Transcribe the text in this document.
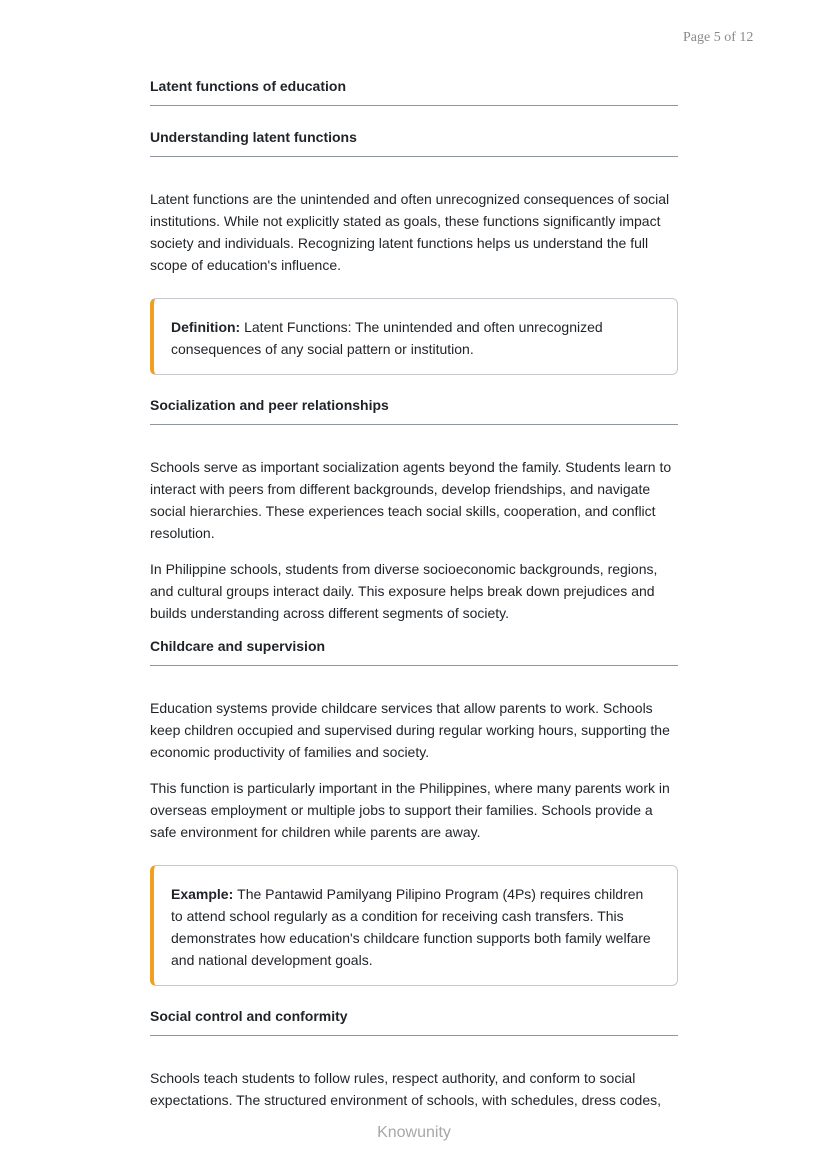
Page 5 of 12
Latent functions of education
Understanding latent functions

Latent functions are the unintended and often unrecognized consequences of social institutions. While not explicitly stated as goals, these functions significantly impact society and individuals. Recognizing latent functions helps us understand the full scope of education's influence.

Definition: Latent Functions: The unintended and often unrecognized consequences of any social pattern or institution.
Socialization and peer relationships

Schools serve as important socialization agents beyond the family. Students learn to interact with peers from different backgrounds, develop friendships, and navigate social hierarchies. These experiences teach social skills, cooperation, and conflict resolution.

In Philippine schools, students from diverse socioeconomic backgrounds, regions, and cultural groups interact daily. This exposure helps break down prejudices and builds understanding across different segments of society.

Childcare and supervision

Education systems provide childcare services that allow parents to work. Schools keep children occupied and supervised during regular working hours, supporting the economic productivity of families and society.

This function is particularly important in the Philippines, where many parents work in overseas employment or multiple jobs to support their families. Schools provide a safe environment for children while parents are away.

Example: The Pantawid Pamilyang Pilipino Program (4Ps) requires children to attend school regularly as a condition for receiving cash transfers. This demonstrates how education's childcare function supports both family welfare and national development goals.
Social control and conformity

Schools teach students to follow rules, respect authority, and conform to social expectations. The structured environment of schools, with schedules, dress codes,

Knowunity
